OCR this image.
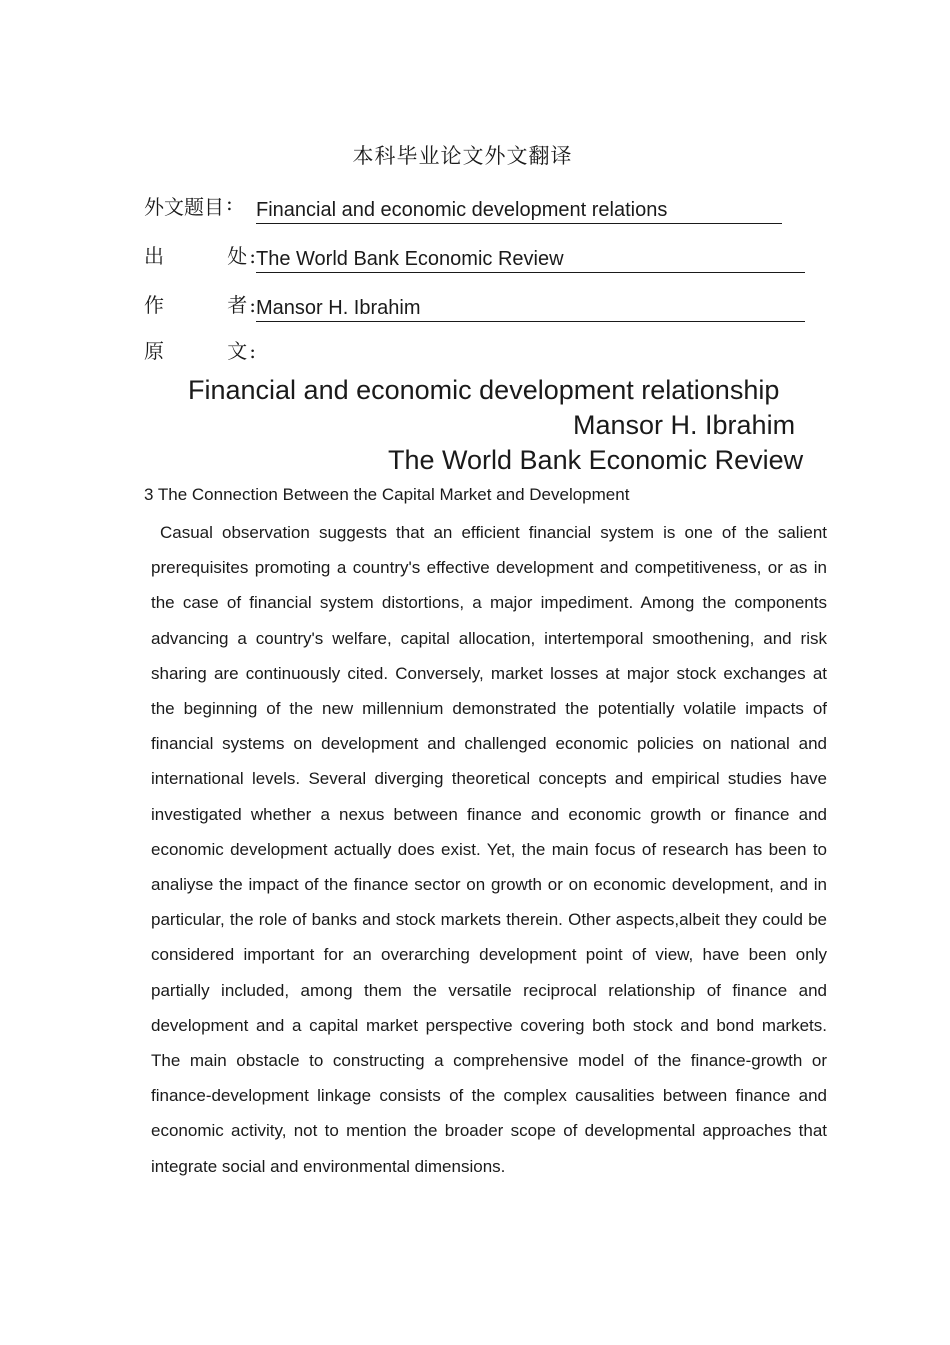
本科毕业论文外文翻译
外文题目 : Financial and economic development relations
出	处 : The World Bank Economic Review
作	者 : Mansor H. Ibrahim
原	文 :
Financial and economic development relationship
Mansor H. Ibrahim
The World Bank Economic Review
3 The Connection Between the Capital Market and Development
Casual observation suggests that an efficient financial system is one of the salient prerequisites promoting a country's effective development and competitiveness, or as in the case of financial system distortions, a major impediment. Among the components advancing a country's welfare, capital allocation, intertemporal smoothening, and risk sharing are continuously cited. Conversely, market losses at major stock exchanges at the beginning of the new millennium demonstrated the potentially volatile impacts of financial systems on development and challenged economic policies on national and international levels. Several diverging theoretical concepts and empirical studies have investigated whether a nexus between finance and economic growth or finance and economic development actually does exist. Yet, the main focus of research has been to analiyse the impact of the finance sector on growth or on economic development, and in particular, the role of banks and stock markets therein. Other aspects,albeit they could be considered important for an overarching development point of view, have been only partially included, among them the versatile reciprocal relationship of finance and development and a capital market perspective covering both stock and bond markets. The main obstacle to constructing a comprehensive model of the finance-growth or finance-development linkage consists of the complex causalities between finance and economic activity, not to mention the broader scope of developmental approaches that integrate social and environmental dimensions.
